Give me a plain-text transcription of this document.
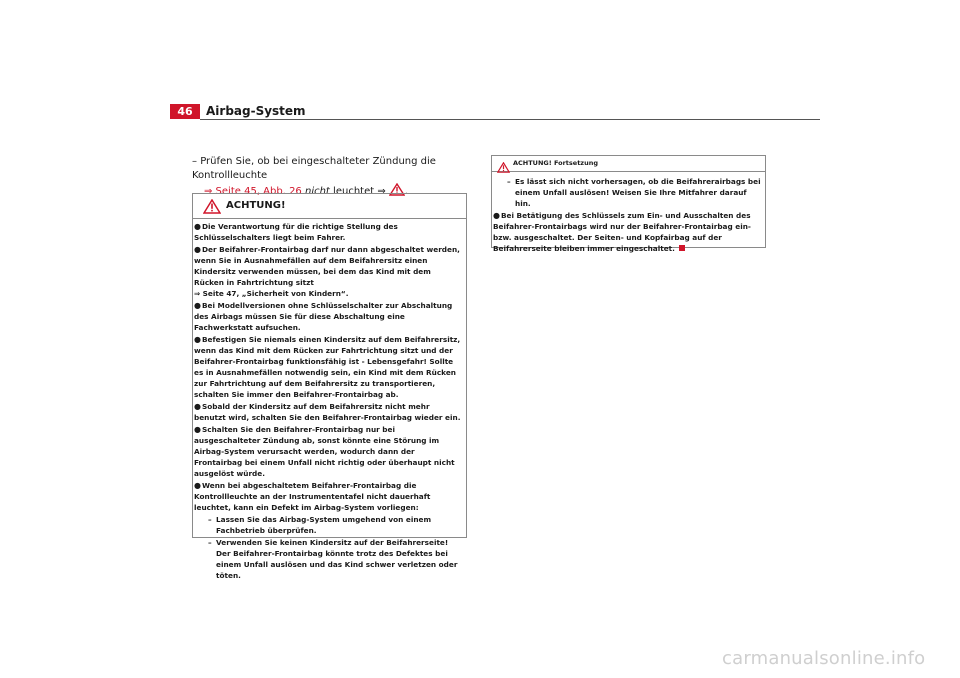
46	Airbag-System
– Prüfen Sie, ob bei eingeschalteter Zündung die Kontrollleuchte
⇒ Seite 45, Abb. 26 nicht leuchtet ⇒ .
ACHTUNG!

●Die Verantwortung für die richtige Stellung des Schlüsselschalters liegt beim Fahrer.

●Der Beifahrer-Frontairbag darf nur dann abgeschaltet werden, wenn Sie in Ausnahmefällen auf dem Beifahrersitz einen Kindersitz verwenden müssen, bei dem das Kind mit dem Rücken in Fahrtrichtung sitzt
⇒ Seite 47, „Sicherheit von Kindern“.

●Bei Modellversionen ohne Schlüsselschalter zur Abschaltung des Airbags müssen Sie für diese Abschaltung eine Fachwerkstatt aufsuchen.

●Befestigen Sie niemals einen Kindersitz auf dem Beifahrersitz, wenn das Kind mit dem Rücken zur Fahrtrichtung sitzt und der Beifahrer-Frontairbag funktionsfähig ist - Lebensgefahr! Sollte es in Ausnahmefällen notwendig sein, ein Kind mit dem Rücken zur Fahrtrichtung auf dem Beifahrersitz zu transportieren, schalten Sie immer den Beifahrer-Frontairbag ab.

●Sobald der Kindersitz auf dem Beifahrersitz nicht mehr benutzt wird, schalten Sie den Beifahrer-Frontairbag wieder ein.

●Schalten Sie den Beifahrer-Frontairbag nur bei ausgeschalteter Zündung ab, sonst könnte eine Störung im Airbag-System verursacht werden, wodurch dann der Frontairbag bei einem Unfall nicht richtig oder überhaupt nicht ausgelöst würde.

●Wenn bei abgeschaltetem Beifahrer-Frontairbag die Kontrollleuchte an der Instrumententafel nicht dauerhaft leuchtet, kann ein Defekt im Airbag-System vorliegen:

– Lassen Sie das Airbag-System umgehend von einem Fachbetrieb überprüfen.

– Verwenden Sie keinen Kindersitz auf der Beifahrerseite! Der Beifahrer-Frontairbag könnte trotz des Defektes bei einem Unfall auslösen und das Kind schwer verletzen oder töten.

ACHTUNG! Fortsetzung

– Es lässt sich nicht vorhersagen, ob die Beifahrerairbags bei einem Unfall auslösen! Weisen Sie Ihre Mitfahrer darauf hin.

●Bei Betätigung des Schlüssels zum Ein- und Ausschalten des Beifahrer-Frontairbags wird nur der Beifahrer-Frontairbag ein- bzw. ausgeschaltet. Der Seiten- und Kopfairbag auf der Beifahrerseite bleiben immer eingeschaltet.

carmanualsonline.info
